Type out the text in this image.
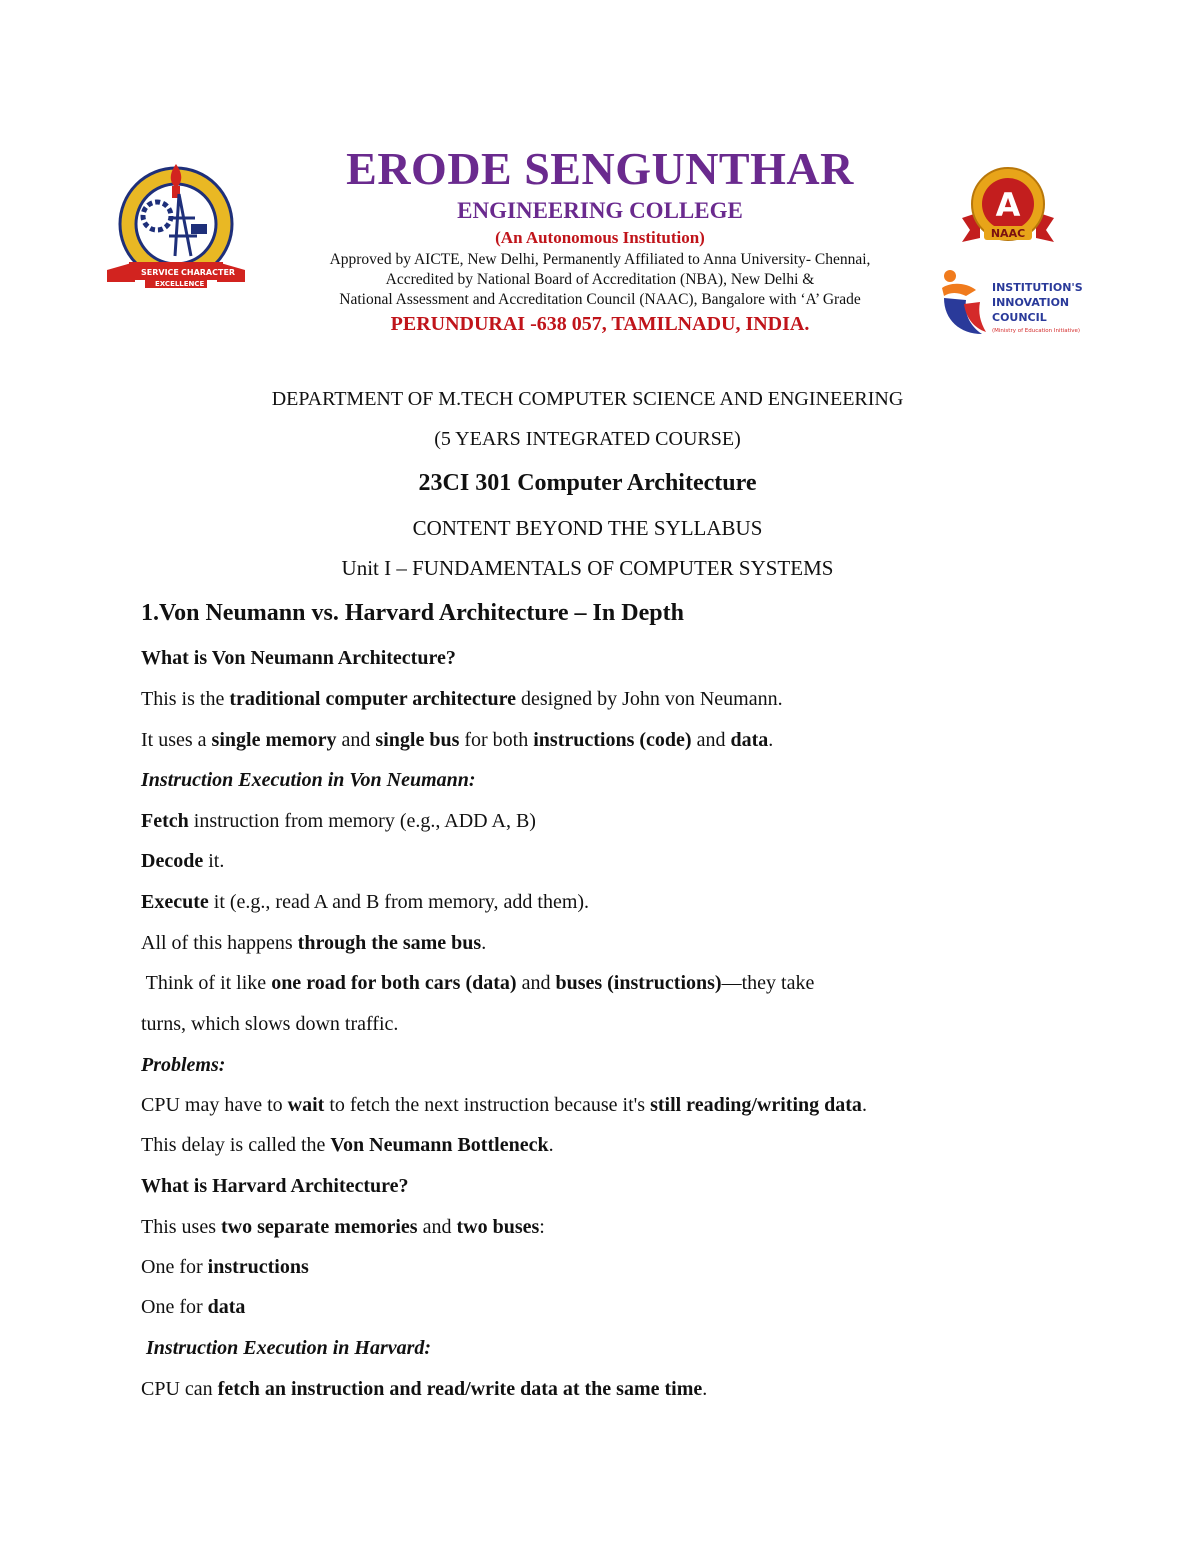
SERVICE CHARACTER
EXCELLENCE
A
NAAC
INSTITUTION'S
INNOVATION
COUNCIL
(Ministry of Education Initiative)
ERODE SENGUNTHAR
ENGINEERING COLLEGE
(An Autonomous Institution)
Approved by AICTE, New Delhi, Permanently Affiliated to Anna University- Chennai,
Accredited by National Board of Accreditation (NBA), New Delhi &
National Assessment and Accreditation Council (NAAC), Bangalore with ‘A’ Grade
PERUNDURAI -638 057, TAMILNADU, INDIA.
DEPARTMENT OF M.TECH COMPUTER SCIENCE AND ENGINEERING
(5 YEARS INTEGRATED COURSE)
23CI 301 Computer Architecture
CONTENT BEYOND THE SYLLABUS
Unit I – FUNDAMENTALS OF COMPUTER SYSTEMS
1.Von Neumann vs. Harvard Architecture – In Depth
What is Von Neumann Architecture?
This is the traditional computer architecture designed by John von Neumann.
It uses a single memory and single bus for both instructions (code) and data.
Instruction Execution in Von Neumann:
Fetch instruction from memory (e.g., ADD A, B)
Decode it.
Execute it (e.g., read A and B from memory, add them).
All of this happens through the same bus.
Think of it like one road for both cars (data) and buses (instructions)—they take
turns, which slows down traffic.
Problems:
CPU may have to wait to fetch the next instruction because it's still reading/writing data.
This delay is called the Von Neumann Bottleneck.
What is Harvard Architecture?
This uses two separate memories and two buses:
One for instructions
One for data
Instruction Execution in Harvard:
CPU can fetch an instruction and read/write data at the same time.
